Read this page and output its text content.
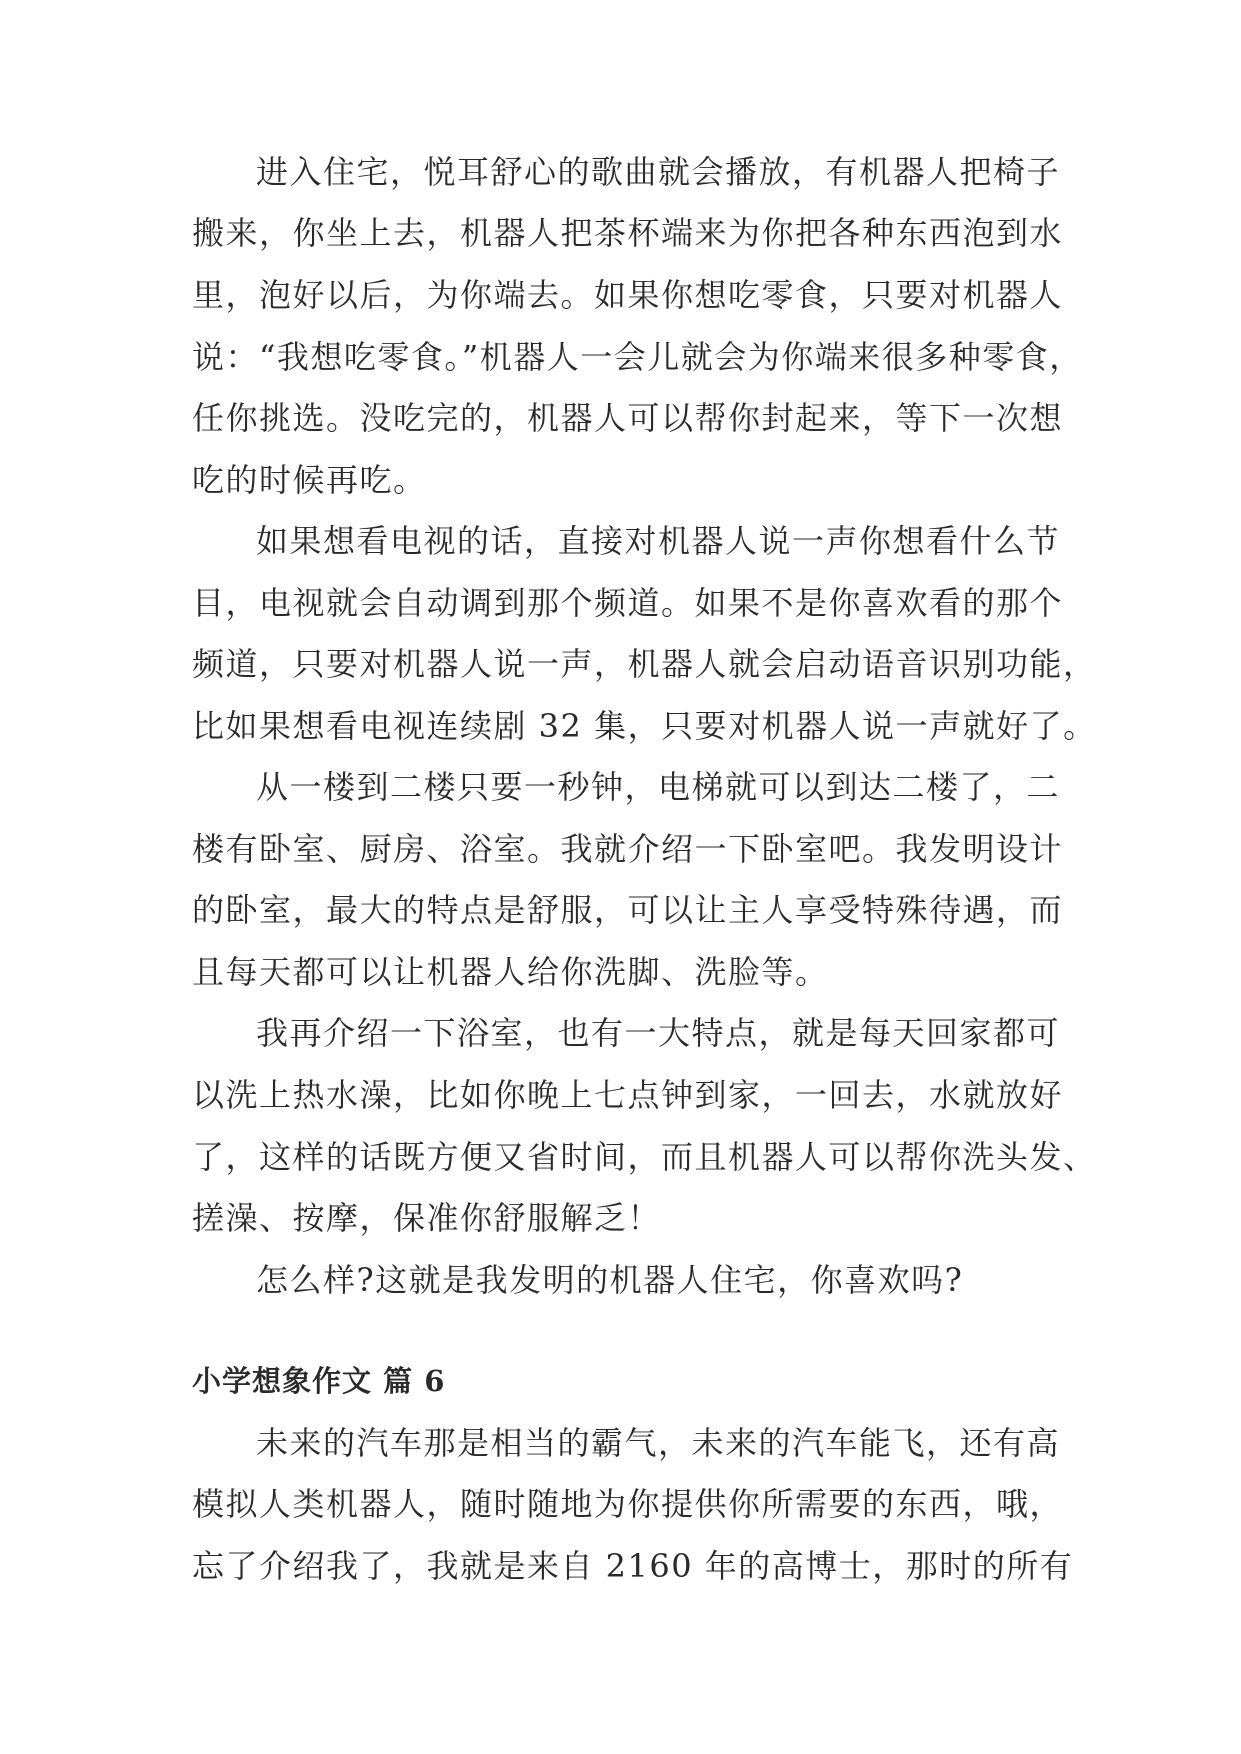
进入住宅，悦耳舒心的歌曲就会播放，有机器人把椅子

搬来，你坐上去，机器人把茶杯端来为你把各种东西泡到水

里，泡好以后，为你端去。如果你想吃零食，只要对机器人

说：“我想吃零食。”机器人一会儿就会为你端来很多种零食，

任你挑选。没吃完的，机器人可以帮你封起来，等下一次想

吃的时候再吃。

如果想看电视的话，直接对机器人说一声你想看什么节

目，电视就会自动调到那个频道。如果不是你喜欢看的那个

频道，只要对机器人说一声，机器人就会启动语音识别功能，

比如果想看电视连续剧 32 集，只要对机器人说一声就好了。

从一楼到二楼只要一秒钟，电梯就可以到达二楼了，二

楼有卧室、厨房、浴室。我就介绍一下卧室吧。我发明设计

的卧室，最大的特点是舒服，可以让主人享受特殊待遇，而

且每天都可以让机器人给你洗脚、洗脸等。

我再介绍一下浴室，也有一大特点，就是每天回家都可

以洗上热水澡，比如你晚上七点钟到家，一回去，水就放好

了，这样的话既方便又省时间，而且机器人可以帮你洗头发、

搓澡、按摩，保准你舒服解乏！

怎么样?这就是我发明的机器人住宅，你喜欢吗?

小学想象作文 篇 6

未来的汽车那是相当的霸气，未来的汽车能飞，还有高

模拟人类机器人，随时随地为你提供你所需要的东西，哦，

忘了介绍我了，我就是来自 2160 年的高博士，那时的所有
